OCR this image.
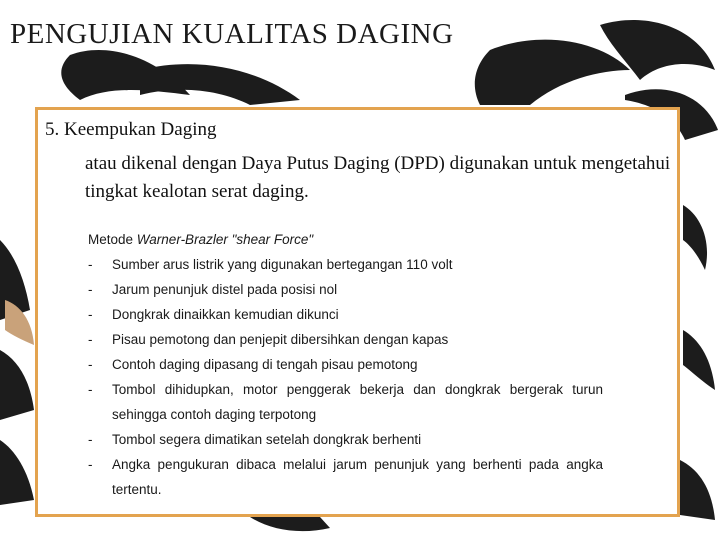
PENGUJIAN KUALITAS DAGING
5. Keempukan Daging
atau dikenal dengan Daya Putus Daging (DPD) digunakan untuk mengetahui tingkat kealotan serat daging.
Metode Warner-Brazler "shear Force"
-	Sumber arus listrik yang digunakan bertegangan 110 volt
-	Jarum penunjuk distel pada posisi nol
-	Dongkrak dinaikkan kemudian dikunci
-	Pisau pemotong dan penjepit dibersihkan dengan kapas
-	Contoh daging dipasang di tengah pisau pemotong
-	Tombol dihidupkan, motor penggerak bekerja dan dongkrak bergerak turun sehingga contoh daging terpotong
-	Tombol segera dimatikan setelah dongkrak berhenti
-	Angka pengukuran dibaca melalui jarum penunjuk yang berhenti pada angka tertentu.
